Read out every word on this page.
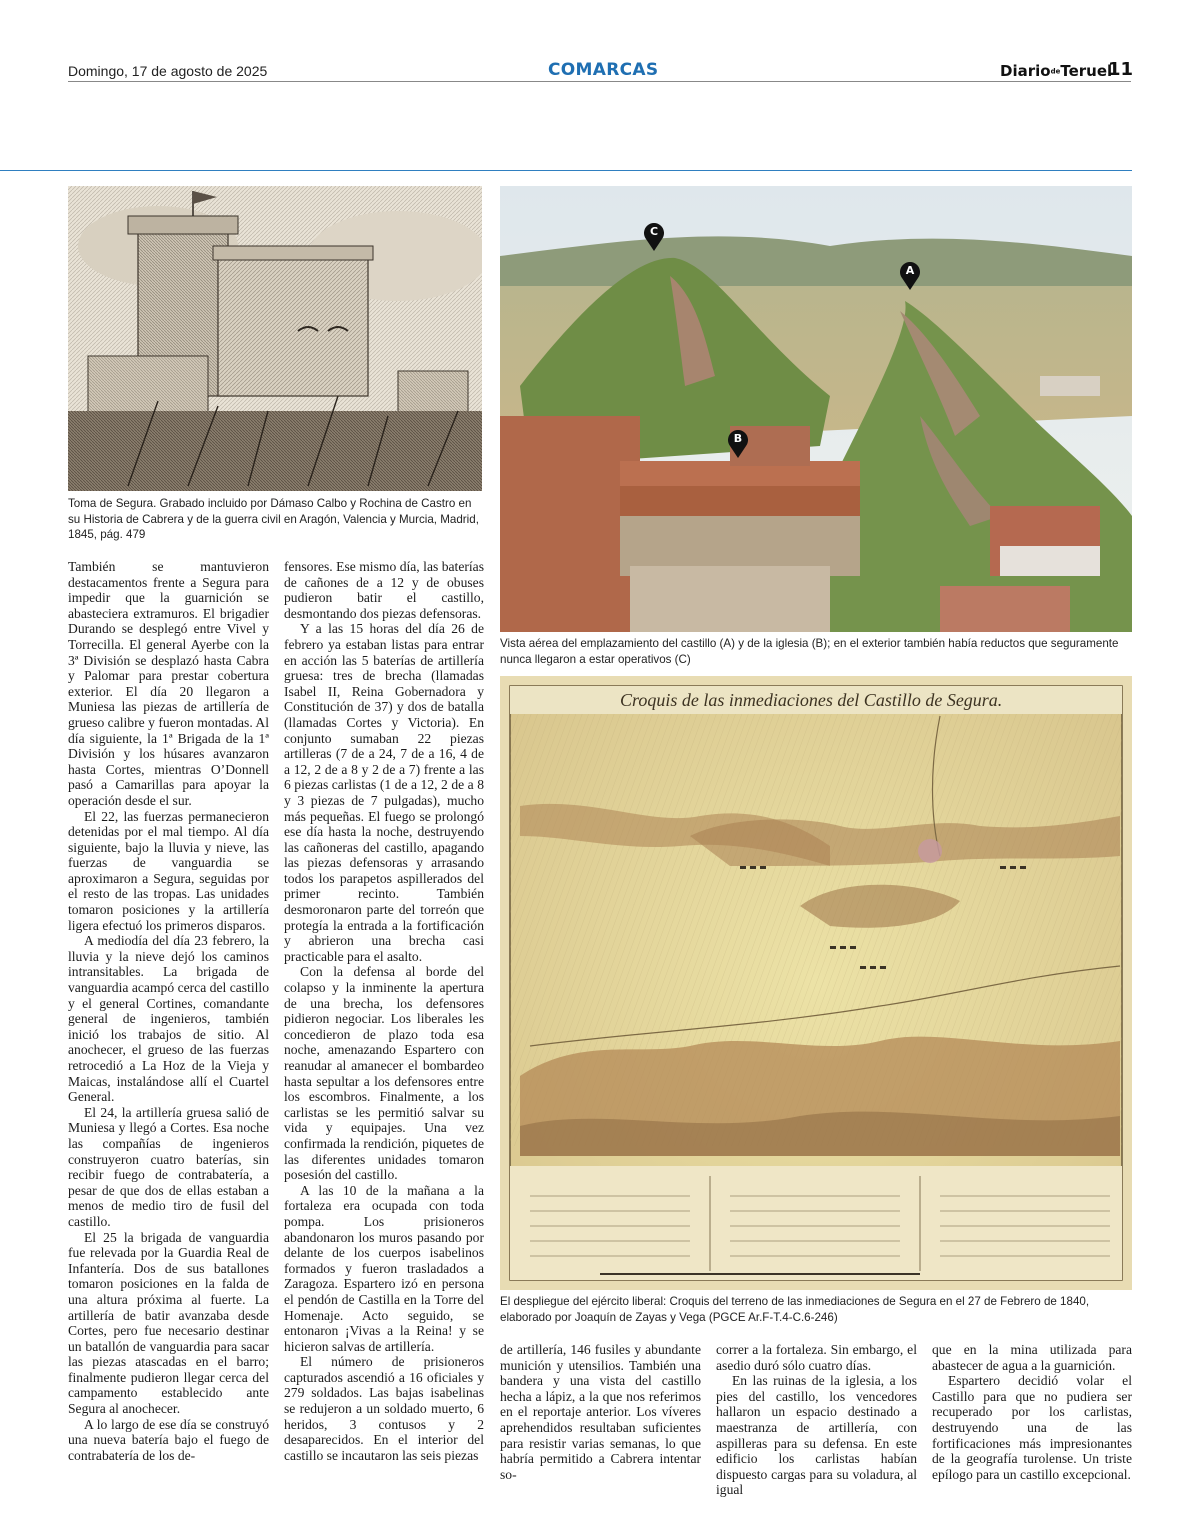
Domingo, 17 de agosto de 2025	COMARCAS	DiariodeTeruel
11
Toma de Segura. Grabado incluido por Dámaso Calbo y Rochina de Castro en su Historia de Cabrera y de la guerra civil en Aragón, Valencia y Murcia, Madrid, 1845, pág. 479
C
A
B
Vista aérea del emplazamiento del castillo (A) y de la iglesia (B); en el exterior también había reductos que seguramente nunca llegaron a estar operativos (C)
Croquis de las inmediaciones del Castillo de Segura.
El despliegue del ejército liberal: Croquis del terreno de las inmediaciones de Segura en el 27 de Febrero de 1840, elaborado por Joaquín de Zayas y Vega (PGCE Ar.F-T.4-C.6-246)

También se mantuvieron destacamentos frente a Segura para impedir que la guarnición se abasteciera extramuros. El brigadier Durando se desplegó entre Vivel y Torrecilla. El general Ayerbe con la 3ª División se desplazó hasta Cabra y Palomar para prestar cobertura exterior. El día 20 llegaron a Muniesa las piezas de artillería de grueso calibre y fueron montadas. Al día siguiente, la 1ª Brigada de la 1ª División y los húsares avanzaron hasta Cortes, mientras O’Donnell pasó a Camarillas para apoyar la operación desde el sur.

El 22, las fuerzas permanecieron detenidas por el mal tiempo. Al día siguiente, bajo la lluvia y nieve, las fuerzas de vanguardia se aproximaron a Segura, seguidas por el resto de las tropas. Las unidades tomaron posiciones y la artillería ligera efectuó los primeros disparos.

A mediodía del día 23 febrero, la lluvia y la nieve dejó los caminos intransitables. La brigada de vanguardia acampó cerca del castillo y el general Cortines, comandante general de ingenieros, también inició los trabajos de sitio. Al anochecer, el grueso de las fuerzas retrocedió a La Hoz de la Vieja y Maicas, instalándose allí el Cuartel General.

El 24, la artillería gruesa salió de Muniesa y llegó a Cortes. Esa noche las compañías de ingenieros construyeron cuatro baterías, sin recibir fuego de contrabatería, a pesar de que dos de ellas estaban a menos de medio tiro de fusil del castillo.

El 25 la brigada de vanguardia fue relevada por la Guardia Real de Infantería. Dos de sus batallones tomaron posiciones en la falda de una altura próxima al fuerte. La artillería de batir avanzaba desde Cortes, pero fue necesario destinar un batallón de vanguardia para sacar las piezas atascadas en el barro; finalmente pudieron llegar cerca del campamento establecido ante Segura al anochecer.

A lo largo de ese día se construyó una nueva batería bajo el fuego de contrabatería de los de-

fensores. Ese mismo día, las baterías de cañones de a 12 y de obuses pudieron batir el castillo, desmontando dos piezas defensoras.

Y a las 15 horas del día 26 de febrero ya estaban listas para entrar en acción las 5 baterías de artillería gruesa: tres de brecha (llamadas Isabel II, Reina Gobernadora y Constitución de 37) y dos de batalla (llamadas Cortes y Victoria). En conjunto sumaban 22 piezas artilleras (7 de a 24, 7 de a 16, 4 de a 12, 2 de a 8 y 2 de a 7) frente a las 6 piezas carlistas (1 de a 12, 2 de a 8 y 3 piezas de 7 pulgadas), mucho más pequeñas. El fuego se prolongó ese día hasta la noche, destruyendo las cañoneras del castillo, apagando las piezas defensoras y arrasando todos los parapetos aspillerados del primer recinto. También desmoronaron parte del torreón que protegía la entrada a la fortificación y abrieron una brecha casi practicable para el asalto.

Con la defensa al borde del colapso y la inminente la apertura de una brecha, los defensores pidieron negociar. Los liberales les concedieron de plazo toda esa noche, amenazando Espartero con reanudar al amanecer el bombardeo hasta sepultar a los defensores entre los escombros. Finalmente, a los carlistas se les permitió salvar su vida y equipajes. Una vez confirmada la rendición, piquetes de las diferentes unidades tomaron posesión del castillo.

A las 10 de la mañana a la fortaleza era ocupada con toda pompa. Los prisioneros abandonaron los muros pasando por delante de los cuerpos isabelinos formados y fueron trasladados a Zaragoza. Espartero izó en persona el pendón de Castilla en la Torre del Homenaje. Acto seguido, se entonaron ¡Vivas a la Reina! y se hicieron salvas de artillería.

El número de prisioneros capturados ascendió a 16 oficiales y 279 soldados. Las bajas isabelinas se redujeron a un soldado muerto, 6 heridos, 3 contusos y 2 desaparecidos. En el interior del castillo se incautaron las seis piezas

de artillería, 146 fusiles y abundante munición y utensilios. También una bandera y una vista del castillo hecha a lápiz, a la que nos referimos en el reportaje anterior. Los víveres aprehendidos resultaban suficientes para resistir varias semanas, lo que habría permitido a Cabrera intentar so-

correr a la fortaleza. Sin embargo, el asedio duró sólo cuatro días.

En las ruinas de la iglesia, a los pies del castillo, los vencedores hallaron un espacio destinado a maestranza de artillería, con aspilleras para su defensa. En este edificio los carlistas habían dispuesto cargas para su voladura, al igual

que en la mina utilizada para abastecer de agua a la guarnición.

Espartero decidió volar el Castillo para que no pudiera ser recuperado por los carlistas, destruyendo una de las fortificaciones más impresionantes de la geografía turolense. Un triste epílogo para un castillo excepcional.
